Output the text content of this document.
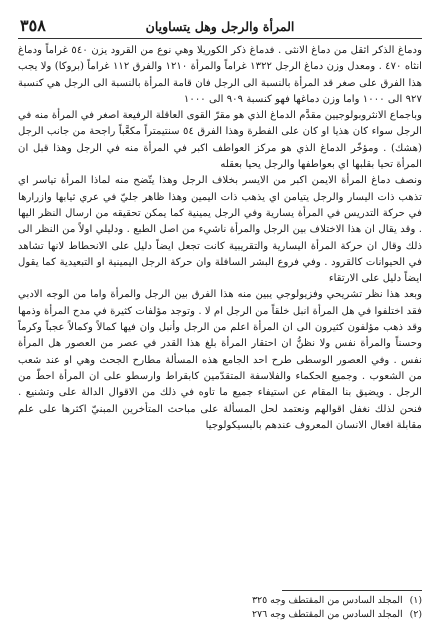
٣٥٨	المرأة والرجل وهل يتساويان

ودماغ الذكر اثقل من دماغ الانثى . فدماغ ذكر الكوريلا وهي نوع من القرود يزن ٥٤٠ غراماً ودماغ انثاه ٤٧٠ . ومعدل وزن دماغ الرجل ١٣٢٢ غراماً والمرأة ١٢١٠ والفرق ١١٢ غراماً (بروكا) ولا يجب هذا الفرق على صغر قد المرأة بالنسبة الى الرجل فان قامة المرأة بالنسبة الى الرجل هي كنسبة ٩٢٧ الى ١٠٠٠ واما وزن دماغها فهو كنسبة ٩٠٩ الى ١٠٠٠

وباجماع الانثروبولوجيين مقدَّم الدماغ الذي هو مقرّ القوى العاقلة الرفيعة اصغر في المرأة منه في الرجل سواء كان هذيا او كان على الفطرة وهذا الفرق ٥٤ سنتيمتراً مكعَّباً راجحة من جانب الرجل (هشك) . ومؤخّر الدماغ الذي هو مركز العواطف اكبر في المرأة منه في الرجل وهذا قبل ان المرأة تحيا بقلبها اي بعواطفها والرجل يحيا بعقله

ونصف دماغ المرأة الايمن اكبر من الايسر بخلاف الرجل وهذا يتّضح منه لماذا المرأة تياسر اي تذهب ذات اليسار والرجل يتيامن اي يذهب ذات اليمين وهذا ظاهر جليّ في عري ثيابها وازرارها في حركة التدريس في المرأة يسارية وفي الرجل يمينية كما يمكن تحقيقه من ارسال النظر اليها . وقد يقال ان هذا الاختلاف بين الرجل والمرأة ناشيء من اصل الطبع . ودليلي اولاً من النظر الى ذلك وقال ان حركة المرأة اليسارية والتقريبية كانت تجعل ايضاً دليل على الانحطاط لانها تشاهد في الحيوانات كالقرود . وفي فروع البشر السافلة وان حركة الرجل اليمينية او التبعيدية كما يقول ايضاً دليل على الارتقاء

وبعد هذا نظر تشريحي وفزيولوجي يبين منه هذا الفرق بين الرجل والمرأة واما من الوجه الادبي فقد اختلفوا في هل المرأة انبل خلقاً من الرجل ام لا . وتوجد مؤلفات كثيرة في مدح المرأة وذمها وقد ذهب مؤلفون كثيرون الى ان المرأة اعلم من الرجل وأنبل وان فيها كمالاً وكمالاً عجباً وكرماً وحسناً والمرأة نفس ولا نظنُّ ان احتقار المرأة بلغ هذا القدر في عصر من العصور هل المرأة نفس . وفي العصور الوسطى طرح احد الجامع هذه المسألة مطارح الجحث وهي او عند شعب من الشعوب . وجميع الحكماء والفلاسفة المتقدّمين كابقراط وارسطو على ان المرأة احطّ من الرجل . ويضيق بنا المقام عن استيفاء جميع ما تاوه في ذلك من الاقوال الدالة على وتشنيع . فنحن لذلك نغفل اقوالهم ونعتمد لحل المسألة على مباحث المتأخرين المبنيّ اكثرها على علم مقابلة افعال الانسان المعروف عندهم بالبسيكولوجيا

(١) المجلد السادس من المقتطف وجه ٣٢٥

(٢) المجلد السادس من المقتطف وجه ٢٧٦
